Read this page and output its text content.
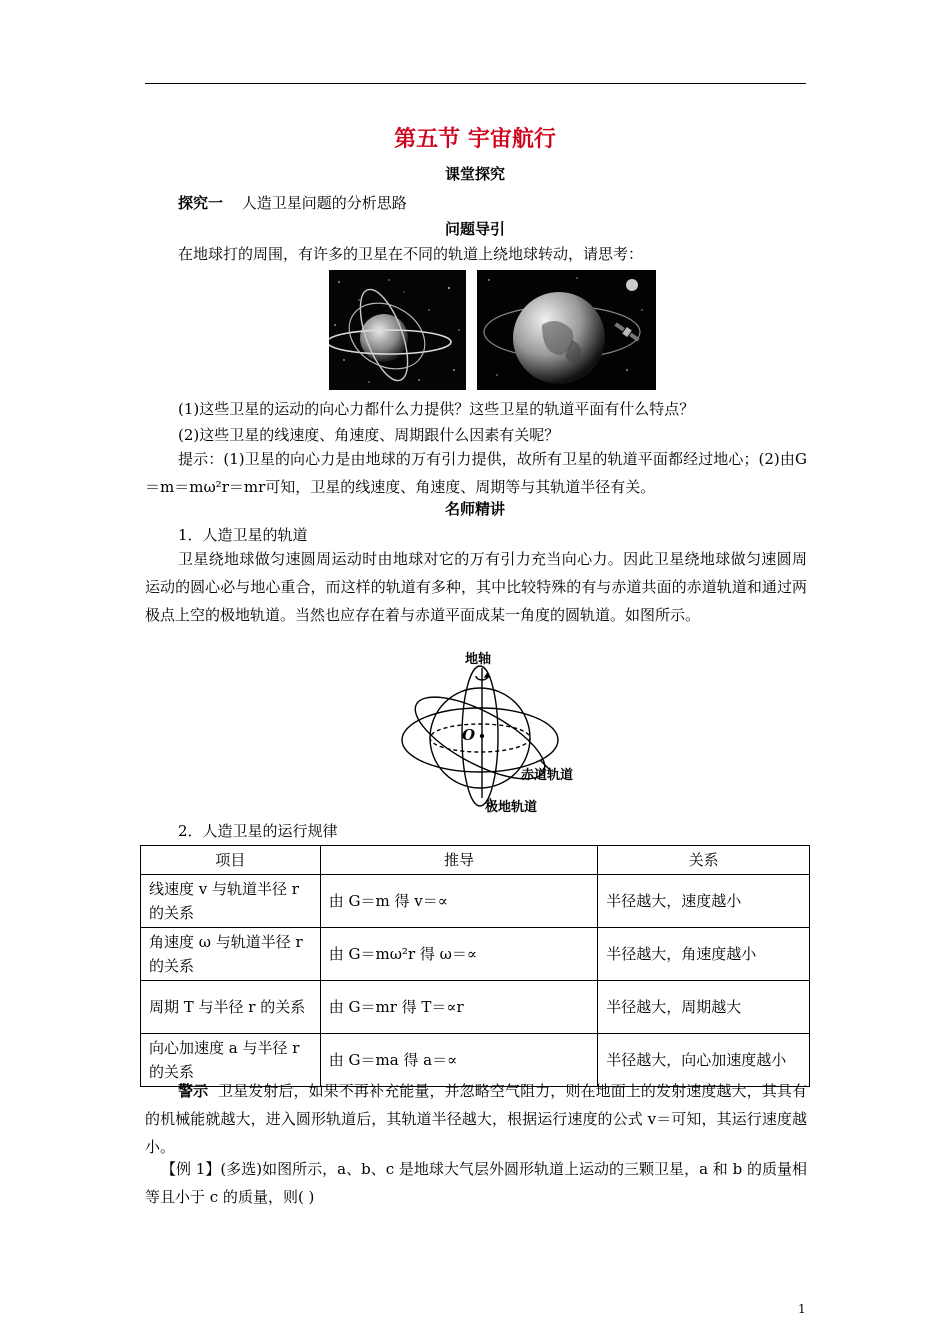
第五节 宇宙航行
课堂探究
探究一 人造卫星问题的分析思路
问题导引
在地球打的周围，有许多的卫星在不同的轨道上绕地球转动，请思考：
(1)这些卫星的运动的向心力都什么力提供？这些卫星的轨道平面有什么特点？
(2)这些卫星的线速度、角速度、周期跟什么因素有关呢？
提示：(1)卫星的向心力是由地球的万有引力提供，故所有卫星的轨道平面都经过地心；(2)由G＝m＝mω²r＝mr可知，卫星的线速度、角速度、周期等与其轨道半径有关。
名师精讲
1．人造卫星的轨道
卫星绕地球做匀速圆周运动时由地球对它的万有引力充当向心力。因此卫星绕地球做匀速圆周运动的圆心必与地心重合，而这样的轨道有多种，其中比较特殊的有与赤道共面的赤道轨道和通过两极点上空的极地轨道。当然也应存在着与赤道平面成某一角度的圆轨道。如图所示。
地轴
O
赤道轨道
极地轨道
2．人造卫星的运行规律
项目	推导	关系
线速度 v 与轨道半径 r 的关系	由 G＝m 得 v＝∝	半径越大，速度越小
角速度 ω 与轨道半径 r 的关系	由 G＝mω²r 得 ω＝∝	半径越大，角速度越小
周期 T 与半径 r 的关系	由 G＝mr 得 T＝∝r	半径越大，周期越大
向心加速度 a 与半径 r 的关系	由 G＝ma 得 a＝∝	半径越大，向心加速度越小
警示 卫星发射后，如果不再补充能量，并忽略空气阻力，则在地面上的发射速度越大，其具有的机械能就越大，进入圆形轨道后，其轨道半径越大，根据运行速度的公式 v＝可知，其运行速度越小。
【例 1】(多选)如图所示，a、b、c 是地球大气层外圆形轨道上运动的三颗卫星，a 和 b 的质量相等且小于 c 的质量，则( )
1
